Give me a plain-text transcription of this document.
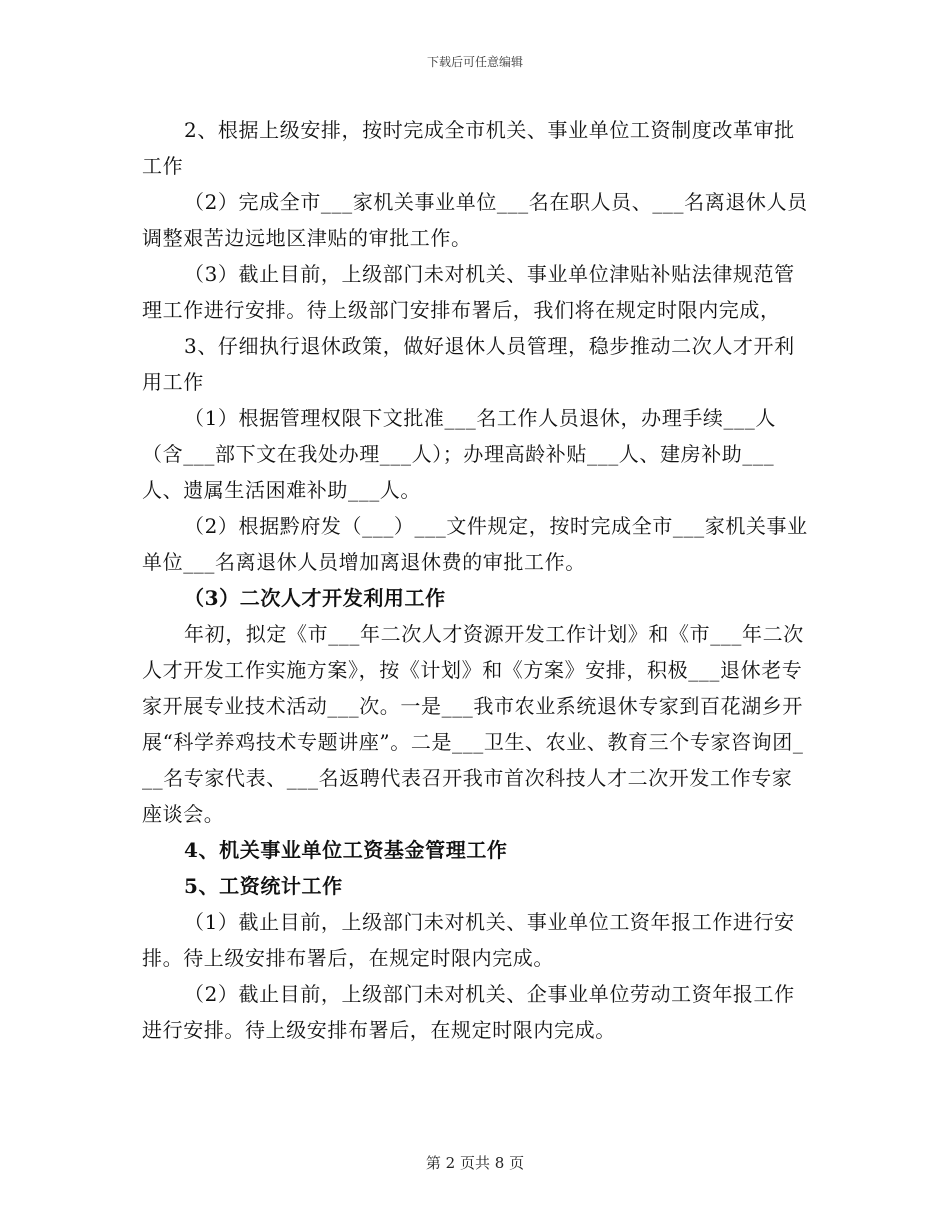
下载后可任意编辑

2、根据上级安排，按时完成全市机关、事业单位工资制度改革审批工作

（2）完成全市___家机关事业单位___名在职人员、___名离退休人员调整艰苦边远地区津贴的审批工作。

（3）截止目前，上级部门未对机关、事业单位津贴补贴法律规范管理工作进行安排。待上级部门安排布署后，我们将在规定时限内完成，

3、仔细执行退休政策，做好退休人员管理，稳步推动二次人才开利用工作

（1）根据管理权限下文批准___名工作人员退休，办理手续___人（含___部下文在我处办理___人）；办理高龄补贴___人、建房补助___人、遗属生活困难补助___人。

（2）根据黔府发（___）___文件规定，按时完成全市___家机关事业单位___名离退休人员增加离退休费的审批工作。

（3）二次人才开发利用工作

年初，拟定《市___年二次人才资源开发工作计划》和《市___年二次人才开发工作实施方案》，按《计划》和《方案》安排，积极___退休老专家开展专业技术活动___次。一是___我市农业系统退休专家到百花湖乡开展“科学养鸡技术专题讲座”。二是___卫生、农业、教育三个专家咨询团___名专家代表、___名返聘代表召开我市首次科技人才二次开发工作专家座谈会。

4、机关事业单位工资基金管理工作

5、工资统计工作

（1）截止目前，上级部门未对机关、事业单位工资年报工作进行安排。待上级安排布署后，在规定时限内完成。

（2）截止目前，上级部门未对机关、企事业单位劳动工资年报工作进行安排。待上级安排布署后，在规定时限内完成。

第 2 页共 8 页
